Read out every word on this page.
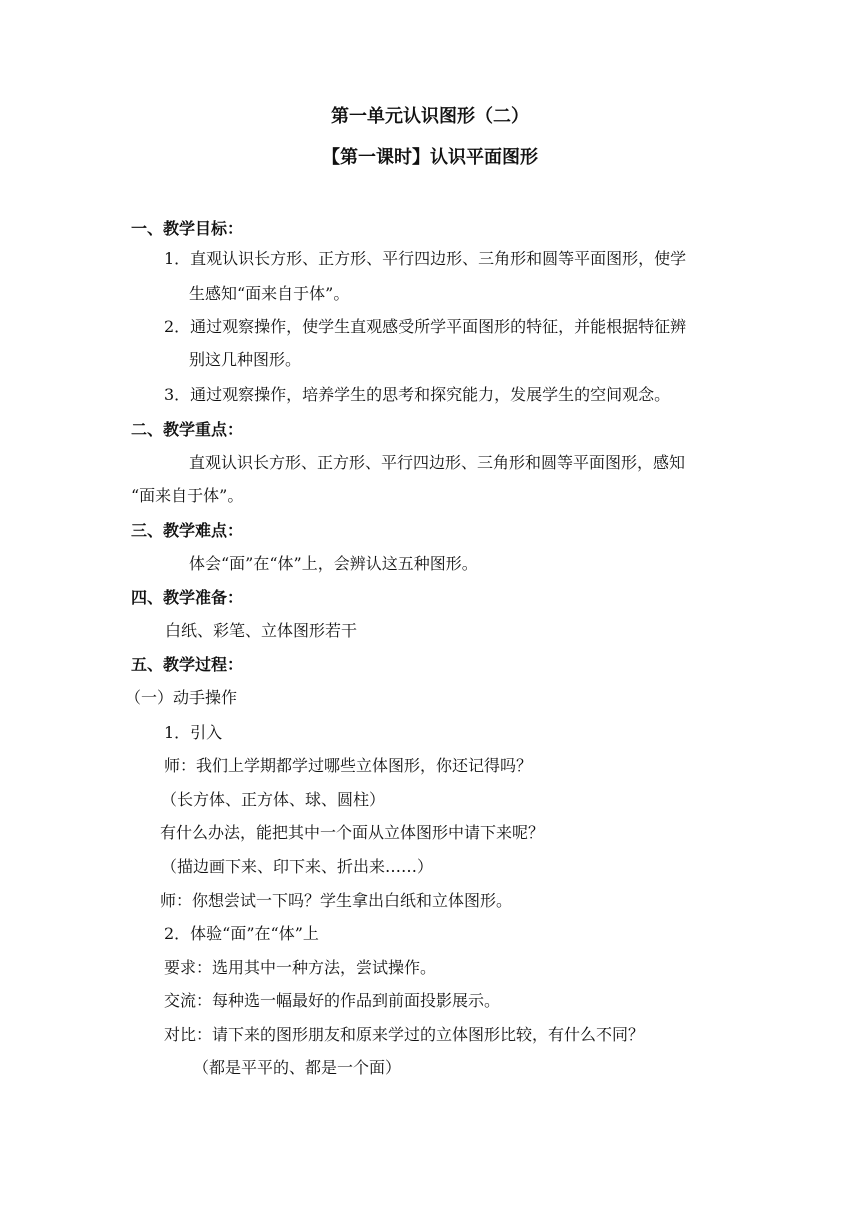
第一单元认识图形（二）
【第一课时】认识平面图形
一、教学目标：
1．直观认识长方形、正方形、平行四边形、三角形和圆等平面图形，使学
生感知“面来自于体”。
2．通过观察操作，使学生直观感受所学平面图形的特征，并能根据特征辨
别这几种图形。
3．通过观察操作，培养学生的思考和探究能力，发展学生的空间观念。
二、教学重点：
直观认识长方形、正方形、平行四边形、三角形和圆等平面图形，感知
“面来自于体”。
三、教学难点：
体会“面”在“体”上，会辨认这五种图形。
四、教学准备：
白纸、彩笔、立体图形若干
五、教学过程：
（一）动手操作
1．引入
师：我们上学期都学过哪些立体图形，你还记得吗？
（长方体、正方体、球、圆柱）
有什么办法，能把其中一个面从立体图形中请下来呢？
（描边画下来、印下来、折出来……）
师：你想尝试一下吗？学生拿出白纸和立体图形。
2．体验“面”在“体”上
要求：选用其中一种方法，尝试操作。
交流：每种选一幅最好的作品到前面投影展示。
对比：请下来的图形朋友和原来学过的立体图形比较，有什么不同？
（都是平平的、都是一个面）
